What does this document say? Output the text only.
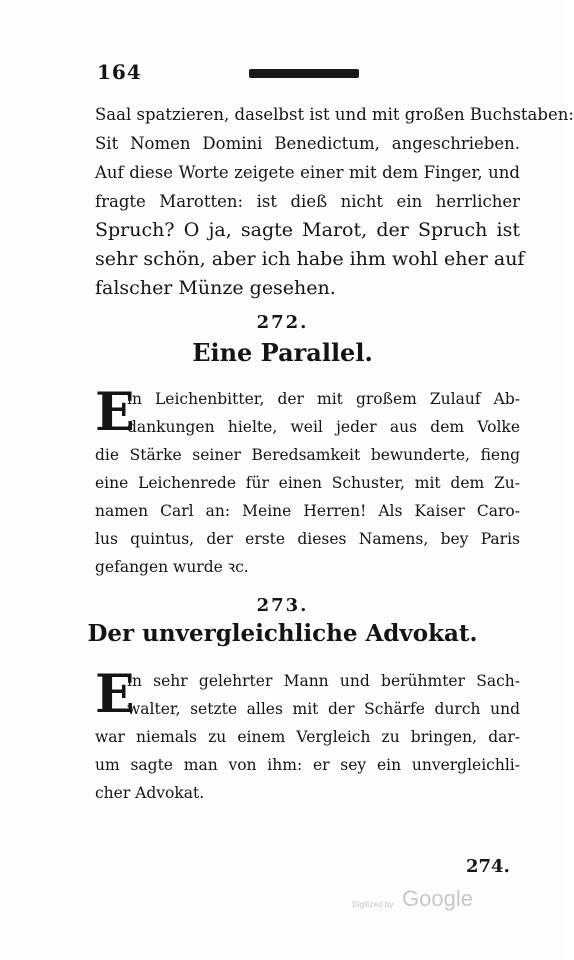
164
Saal spatzieren, daselbst ist und mit großen Buchstaben:
Sit Nomen Domini Benedictum, angeschrieben.
Auf diese Worte zeigete einer mit dem Finger, und
fragte Marotten: ist dieß nicht ein herrlicher
Spruch? O ja, sagte Marot, der Spruch ist
sehr schön, aber ich habe ihm wohl eher auf
falscher Münze gesehen.
272.
Eine Parallel.
E
in Leichenbitter, der mit großem Zulauf Ab-
dankungen hielte, weil jeder aus dem Volke
die Stärke seiner Beredsamkeit bewunderte, fieng
eine Leichenrede für einen Schuster, mit dem Zu-
namen Carl an: Meine Herren! Als Kaiser Caro-
lus quintus, der erste dieses Namens, bey Paris
gefangen wurde ꝛc.
273.
Der unvergleichliche Advokat.
E
in sehr gelehrter Mann und berühmter Sach-
walter, setzte alles mit der Schärfe durch und
war niemals zu einem Vergleich zu bringen, dar-
um sagte man von ihm: er sey ein unvergleichli-
cher Advokat.
274.
Digitized by Google
